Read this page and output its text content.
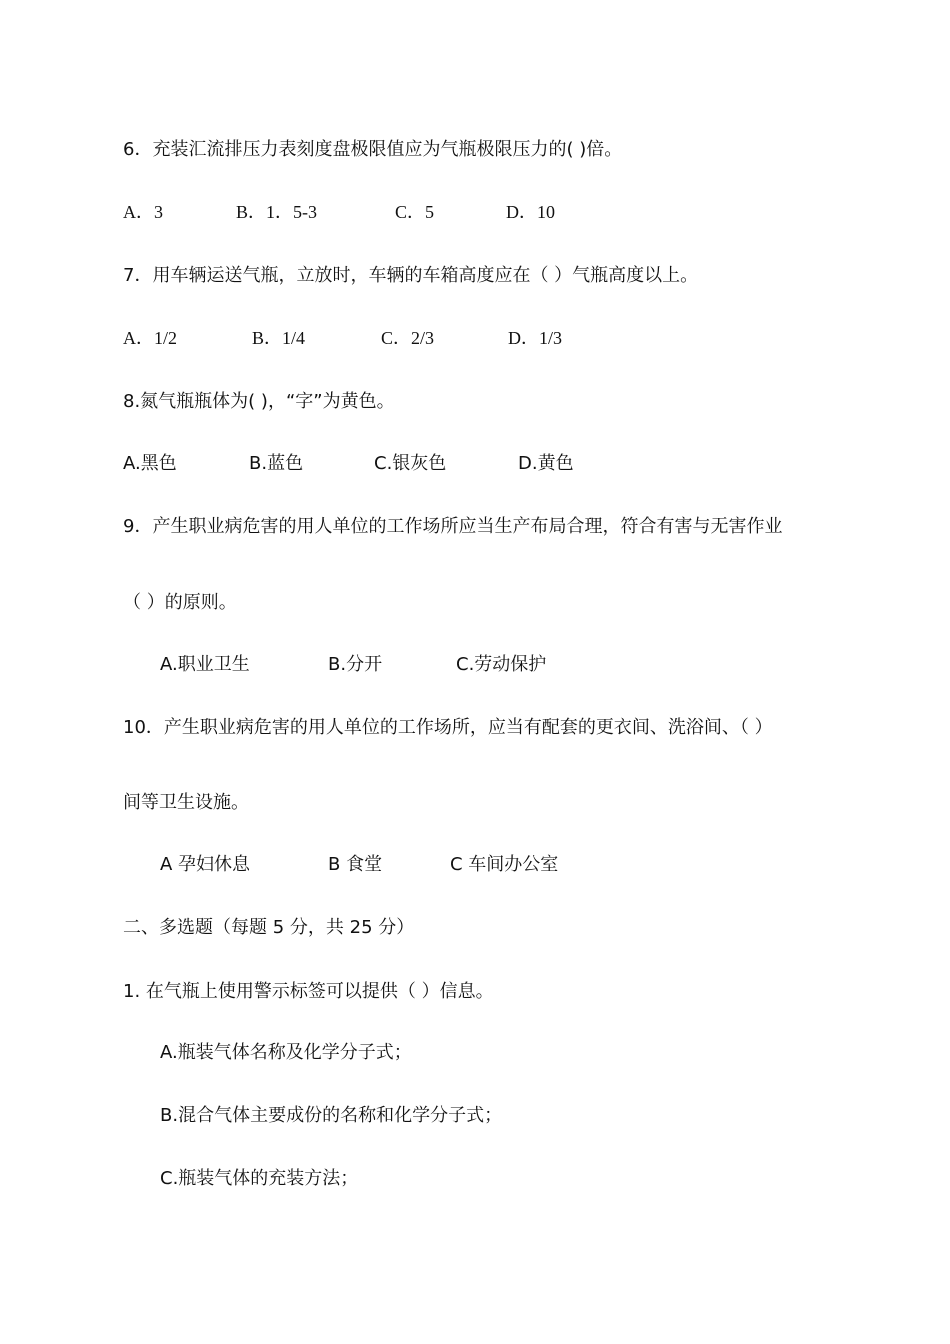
6．充装汇流排压力表刻度盘极限值应为气瓶极限压力的( )倍。

A．3	B．1．5-3	C．5	D．10

7．用车辆运送气瓶，立放时，车辆的车箱高度应在（ ）气瓶高度以上。

A．1/2	B．1/4	C．2/3	D．1/3

8.氮气瓶瓶体为( )，“字”为黄色。

A.黑色	B.蓝色	C.银灰色	D.黄色

9．产生职业病危害的用人单位的工作场所应当生产布局合理，符合有害与无害作业

（ ）的原则。

A.职业卫生	B.分开	C.劳动保护

10．产生职业病危害的用人单位的工作场所，应当有配套的更衣间、洗浴间、（ ）

间等卫生设施。

A 孕妇休息	B 食堂	C 车间办公室

二、多选题（每题 5 分，共 25 分）

1. 在气瓶上使用警示标签可以提供（ ）信息。

A.瓶装气体名称及化学分子式；

B.混合气体主要成份的名称和化学分子式；

C.瓶装气体的充装方法；
